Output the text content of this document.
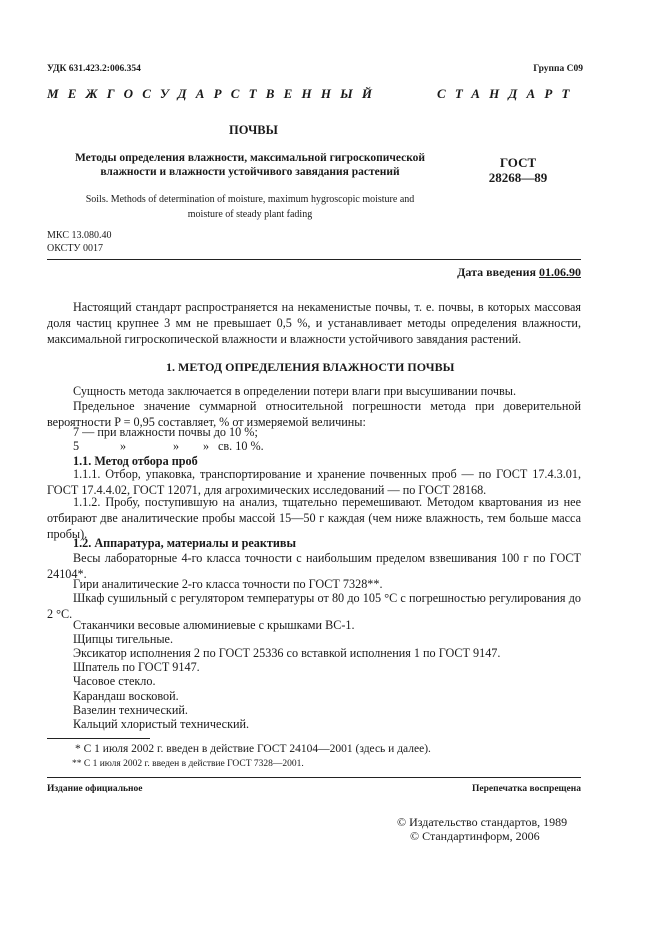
УДК 631.423.2:006.354	Группа С09
МЕЖГОСУДАРСТВЕННЫЙ	СТАНДАРТ
ПОЧВЫ
Методы определения влажности, максимальной гигроскопической
влажности и влажности устойчивого завядания растений
ГОСТ
28268—89
Soils. Methods of determination of moisture, maximum hygroscopic moisture and
moisture of steady plant fading
МКС 13.080.40
ОКСТУ 0017
Дата введения 01.06.90
Настоящий стандарт распространяется на некаменистые почвы, т. е. почвы, в которых массовая доля частиц крупнее 3 мм не превышает 0,5 %, и устанавливает методы определения влажности, максимальной гигроскопической влажности и влажности устойчивого завядания растений.
1. МЕТОД ОПРЕДЕЛЕНИЯ ВЛАЖНОСТИ ПОЧВЫ
Сущность метода заключается в определении потери влаги при высушивании почвы.
Предельное значение суммарной относительной погрешности метода при доверительной вероятности P = 0,95 составляет, % от измеряемой величины:
7 — при влажности почвы до 10 %;
5	»	» » св. 10 %.
1.1. Метод отбора проб
1.1.1. Отбор, упаковка, транспортирование и хранение почвенных проб — по ГОСТ 17.4.3.01, ГОСТ 17.4.4.02, ГОСТ 12071, для агрохимических исследований — по ГОСТ 28168.
1.1.2. Пробу, поступившую на анализ, тщательно перемешивают. Методом квартования из нее отбирают две аналитические пробы массой 15—50 г каждая (чем ниже влажность, тем больше масса пробы).
1.2. Аппаратура, материалы и реактивы
Весы лабораторные 4-го класса точности с наибольшим пределом взвешивания 100 г по ГОСТ 24104*.
Гири аналитические 2-го класса точности по ГОСТ 7328**.
Шкаф сушильный с регулятором температуры от 80 до 105 °С с погрешностью регулирования до 2 °С.
Стаканчики весовые алюминиевые с крышками ВС-1.
Щипцы тигельные.
Эксикатор исполнения 2 по ГОСТ 25336 со вставкой исполнения 1 по ГОСТ 9147.
Шпатель по ГОСТ 9147.
Часовое стекло.
Карандаш восковой.
Вазелин технический.
Кальций хлористый технический.
* С 1 июля 2002 г. введен в действие ГОСТ 24104—2001 (здесь и далее).
** С 1 июля 2002 г. введен в действие ГОСТ 7328—2001.
Издание официальное	Перепечатка воспрещена
© Издательство стандартов, 1989
© Стандартинформ, 2006
